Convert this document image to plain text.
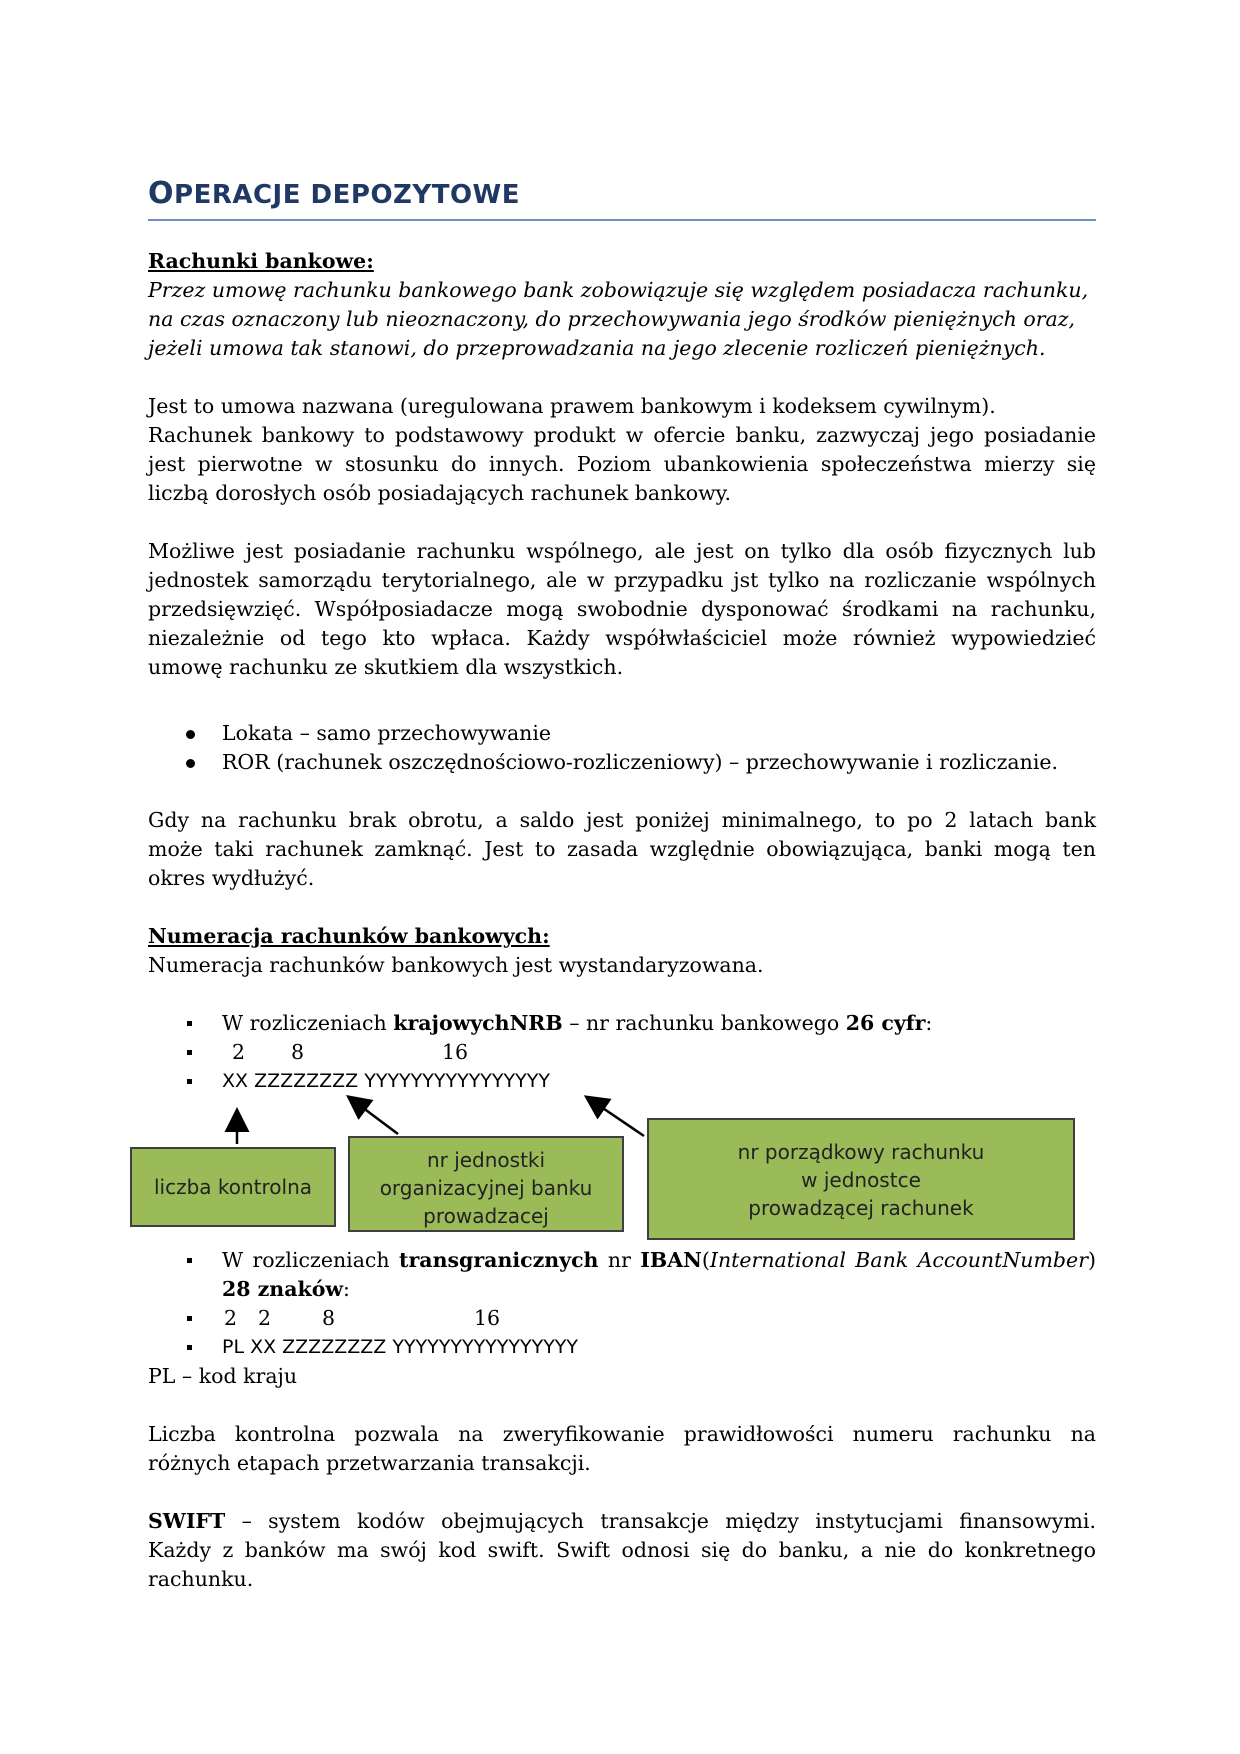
OPERACJE DEPOZYTOWE
Rachunki bankowe:
Przez umowę rachunku bankowego bank zobowiązuje się względem posiadacza rachunku,
na czas oznaczony lub nieoznaczony, do przechowywania jego środków pieniężnych oraz,
jeżeli umowa tak stanowi, do przeprowadzania na jego zlecenie rozliczeń pieniężnych.
Jest to umowa nazwana (uregulowana prawem bankowym i kodeksem cywilnym).
Rachunek bankowy to podstawowy produkt w ofercie banku, zazwyczaj jego posiadanie
jest pierwotne w stosunku do innych. Poziom ubankowienia społeczeństwa mierzy się
liczbą dorosłych osób posiadających rachunek bankowy.
Możliwe jest posiadanie rachunku wspólnego, ale jest on tylko dla osób fizycznych lub
jednostek samorządu terytorialnego, ale w przypadku jst tylko na rozliczanie wspólnych
przedsięwzięć. Współposiadacze mogą swobodnie dysponować środkami na rachunku,
niezależnie od tego kto wpłaca. Każdy współwłaściciel może również wypowiedzieć
umowę rachunku ze skutkiem dla wszystkich.
Lokata – samo przechowywanie
ROR (rachunek oszczędnościowo-rozliczeniowy) – przechowywanie i rozliczanie.
Gdy na rachunku brak obrotu, a saldo jest poniżej minimalnego, to po 2 latach bank
może taki rachunek zamknąć. Jest to zasada względnie obowiązująca, banki mogą ten
okres wydłużyć.
Numeracja rachunków bankowych:
Numeracja rachunków bankowych jest wystandaryzowana.
W rozliczeniach krajowychNRB – nr rachunku bankowego 26 cyfr:
2 8	16
XX ZZZZZZZZ YYYYYYYYYYYYYYYY
liczba kontrolna
nr jednostki
organizacyjnej banku
prowadzacej
nr porządkowy rachunku
w jednostce
prowadzącej rachunek
W rozliczeniach transgranicznych nr IBAN(International Bank AccountNumber)
28 znaków:
2 2 8	16
PL XX ZZZZZZZZ YYYYYYYYYYYYYYYY
PL – kod kraju
Liczba kontrolna pozwala na zweryfikowanie prawidłowości numeru rachunku na
różnych etapach przetwarzania transakcji.
SWIFT – system kodów obejmujących transakcje między instytucjami finansowymi.
Każdy z banków ma swój kod swift. Swift odnosi się do banku, a nie do konkretnego
rachunku.
